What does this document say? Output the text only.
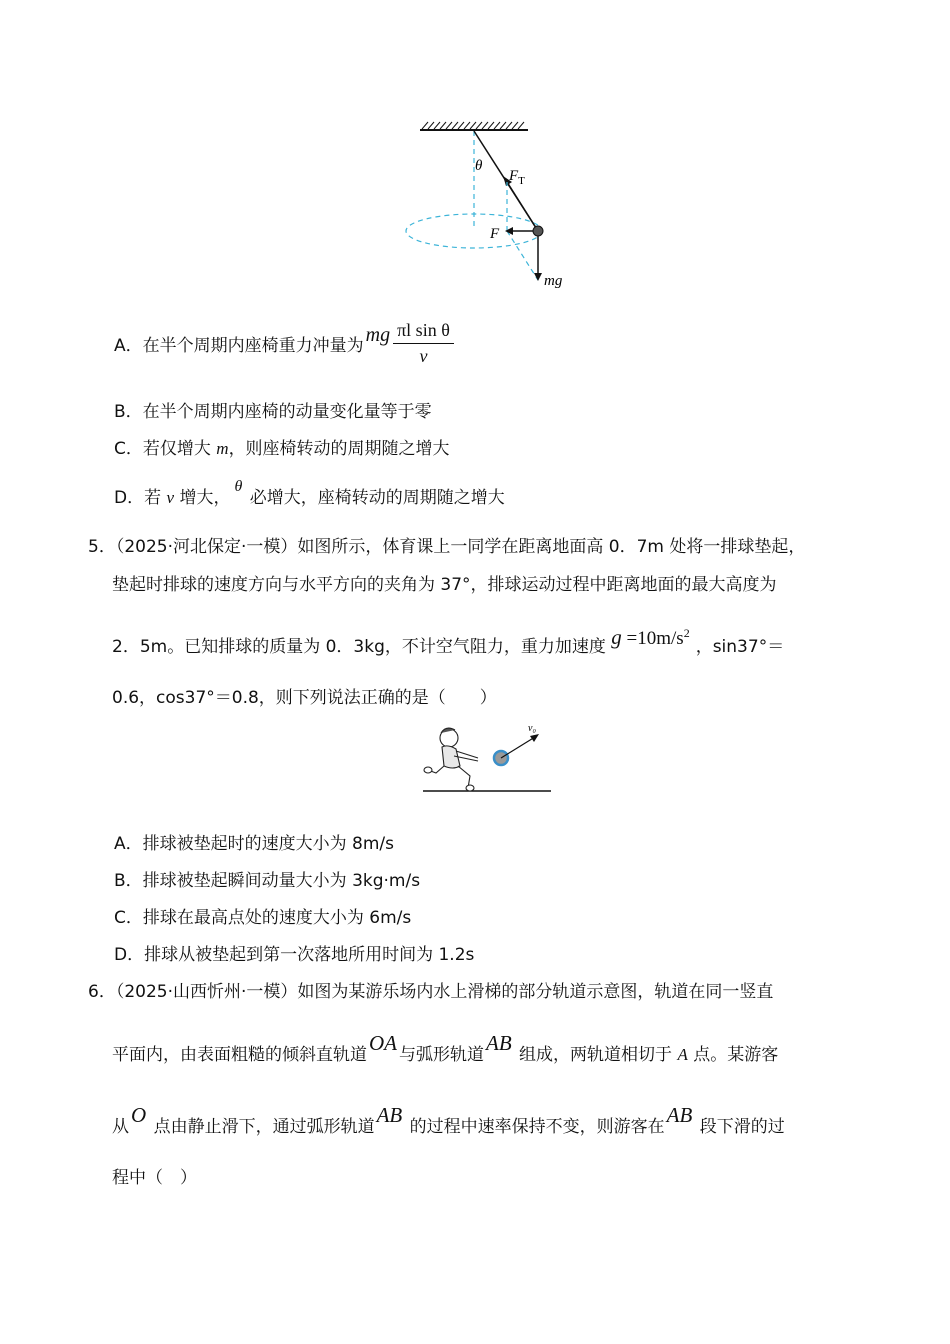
θ
$F_T$
F
mg
A． 在半个周期内座椅重力冲量为 mg $\frac{\text{πl sin θ}}{v}$
B．在半个周期内座椅的动量变化量等于零
C．若仅增大 m，则座椅转动的周期随之增大
D．若 v 增大，θ 必增大，座椅转动的周期随之增大
5．（2025·河北保定·一模）如图所示，体育课上一同学在距离地面高 0．7m 处将一排球垫起，
垫起时排球的速度方向与水平方向的夹角为 37°，排球运动过程中距离地面的最大高度为
2．5m。已知排球的质量为 0．3kg，不计空气阻力，重力加速度 $g =10m/s^2$，sin37°＝
0.6，cos37°＝0.8，则下列说法正确的是（　　）
v₀
A．排球被垫起时的速度大小为 8m/s
B．排球被垫起瞬间动量大小为 3kg·m/s
C．排球在最高点处的速度大小为 6m/s
D．排球从被垫起到第一次落地所用时间为 1.2s
6．（2025·山西忻州·一模）如图为某游乐场内水上滑梯的部分轨道示意图，轨道在同一竖直
平面内，由表面粗糙的倾斜直轨道OA 与弧形轨道AB 组成，两轨道相切于 A 点。某游客
从O 点由静止滑下，通过弧形轨道AB 的过程中速率保持不变，则游客在AB 段下滑的过
程中（　）
